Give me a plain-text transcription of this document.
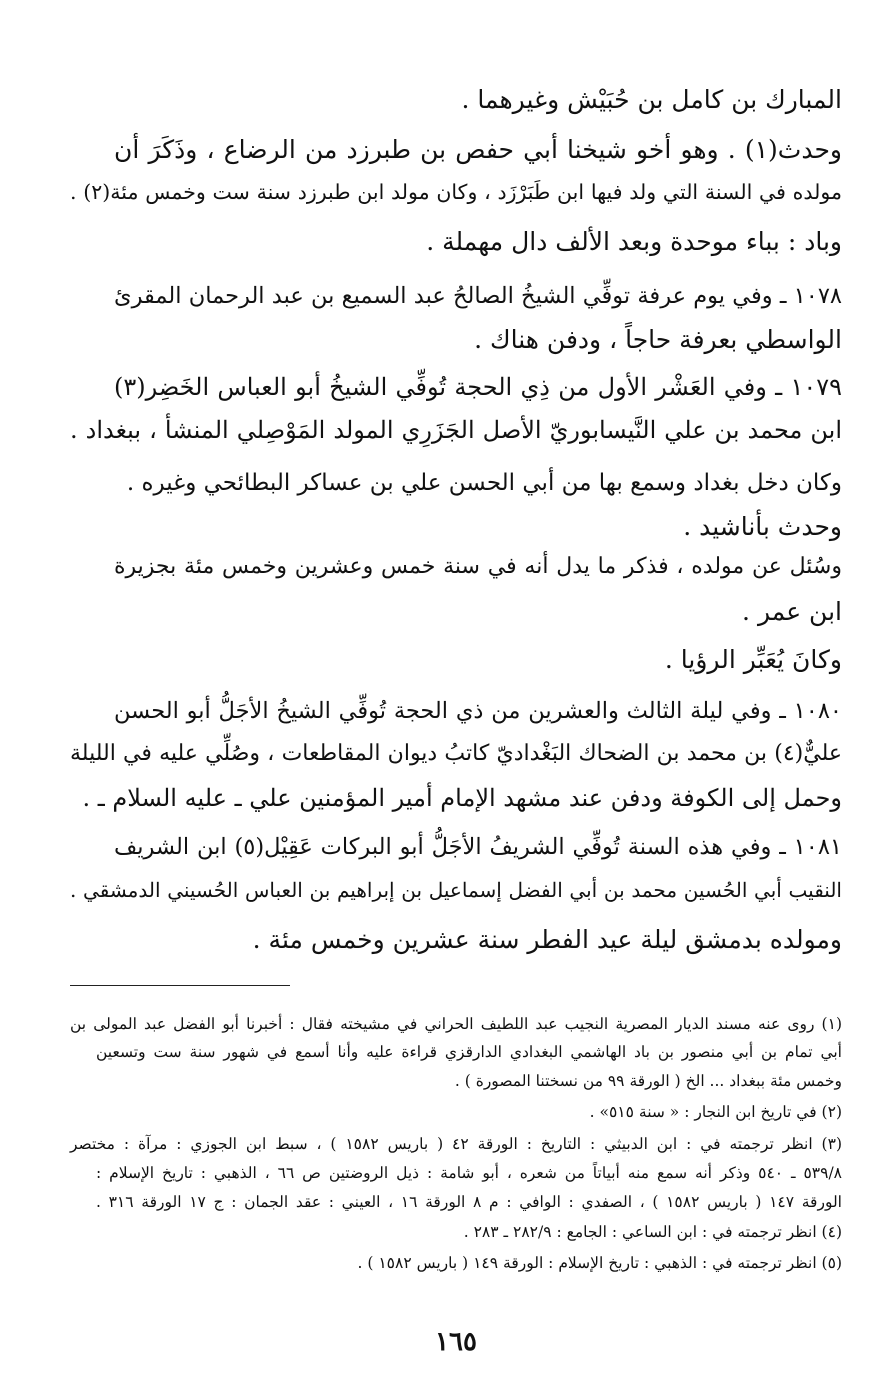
المبارك بن كامل بن حُبَيْش وغيرهما .
وحدث(١) . وهو أخو شيخنا أبي حفص بن طبرزد من الرضاع ، وذَكَرَ أن
مولده في السنة التي ولد فيها ابن طَبَرْزَد ، وكان مولد ابن طبرزد سنة ست وخمس مئة(٢) .
وباد : بباء موحدة وبعد الألف دال مهملة .
١٠٧٨ ـ وفي يوم عرفة توفِّي الشيخُ الصالحُ عبد السميع بن عبد الرحمان المقرئ
الواسطي بعرفة حاجاً ، ودفن هناك .
١٠٧٩ ـ وفي العَشْر الأول من ذِي الحجة تُوفِّي الشيخُ أبو العباس الخَضِر(٣)
ابن محمد بن علي النَّيسابوريّ الأصل الجَزَرِي المولد المَوْصِلي المنشأ ، ببغداد .
وكان دخل بغداد وسمع بها من أبي الحسن علي بن عساكر البطائحي وغيره .
وحدث بأناشيد .
وسُئل عن مولده ، فذكر ما يدل أنه في سنة خمس وعشرين وخمس مئة بجزيرة
ابن عمر .
وكانَ يُعَبِّر الرؤيا .
١٠٨٠ ـ وفي ليلة الثالث والعشرين من ذي الحجة تُوفِّي الشيخُ الأجَلُّ أبو الحسن
عليٌّ(٤) بن محمد بن الضحاك البَغْداديّ كاتبُ ديوان المقاطعات ، وصُلِّي عليه في الليلة
وحمل إلى الكوفة ودفن عند مشهد الإمام أمير المؤمنين علي ـ عليه السلام ـ .
١٠٨١ ـ وفي هذه السنة تُوفِّي الشريفُ الأجَلُّ أبو البركات عَقِيْل(٥) ابن الشريف
النقيب أبي الحُسين محمد بن أبي الفضل إسماعيل بن إبراهيم بن العباس الحُسيني الدمشقي .
ومولده بدمشق ليلة عيد الفطر سنة عشرين وخمس مئة .
(١) روى عنه مسند الديار المصرية النجيب عبد اللطيف الحراني في مشيخته فقال : أخبرنا أبو الفضل عبد المولى بن
أبي تمام بن أبي منصور بن باد الهاشمي البغدادي الدارقزي قراءة عليه وأنا أسمع في شهور سنة ست وتسعين
وخمس مئة ببغداد ... الخ ( الورقة ٩٩ من نسختنا المصورة ) .
(٢) في تاريخ ابن النجار : « سنة ٥١٥» .
(٣) انظر ترجمته في : ابن الدبيثي : التاريخ : الورقة ٤٢ ( باريس ١٥٨٢ ) ، سبط ابن الجوزي : مرآة : مختصر
٥٣٩/٨ ـ ٥٤٠ وذكر أنه سمع منه أبياتاً من شعره ، أبو شامة : ذيل الروضتين ص ٦٦ ، الذهبي : تاريخ الإسلام :
الورقة ١٤٧ ( باريس ١٥٨٢ ) ، الصفدي : الوافي : م ٨ الورقة ١٦ ، العيني : عقد الجمان : ج ١٧ الورقة ٣١٦ .
(٤) انظر ترجمته في : ابن الساعي : الجامع : ٢٨٢/٩ ـ ٢٨٣ .
(٥) انظر ترجمته في : الذهبي : تاريخ الإسلام : الورقة ١٤٩ ( باريس ١٥٨٢ ) .
١٦٥
